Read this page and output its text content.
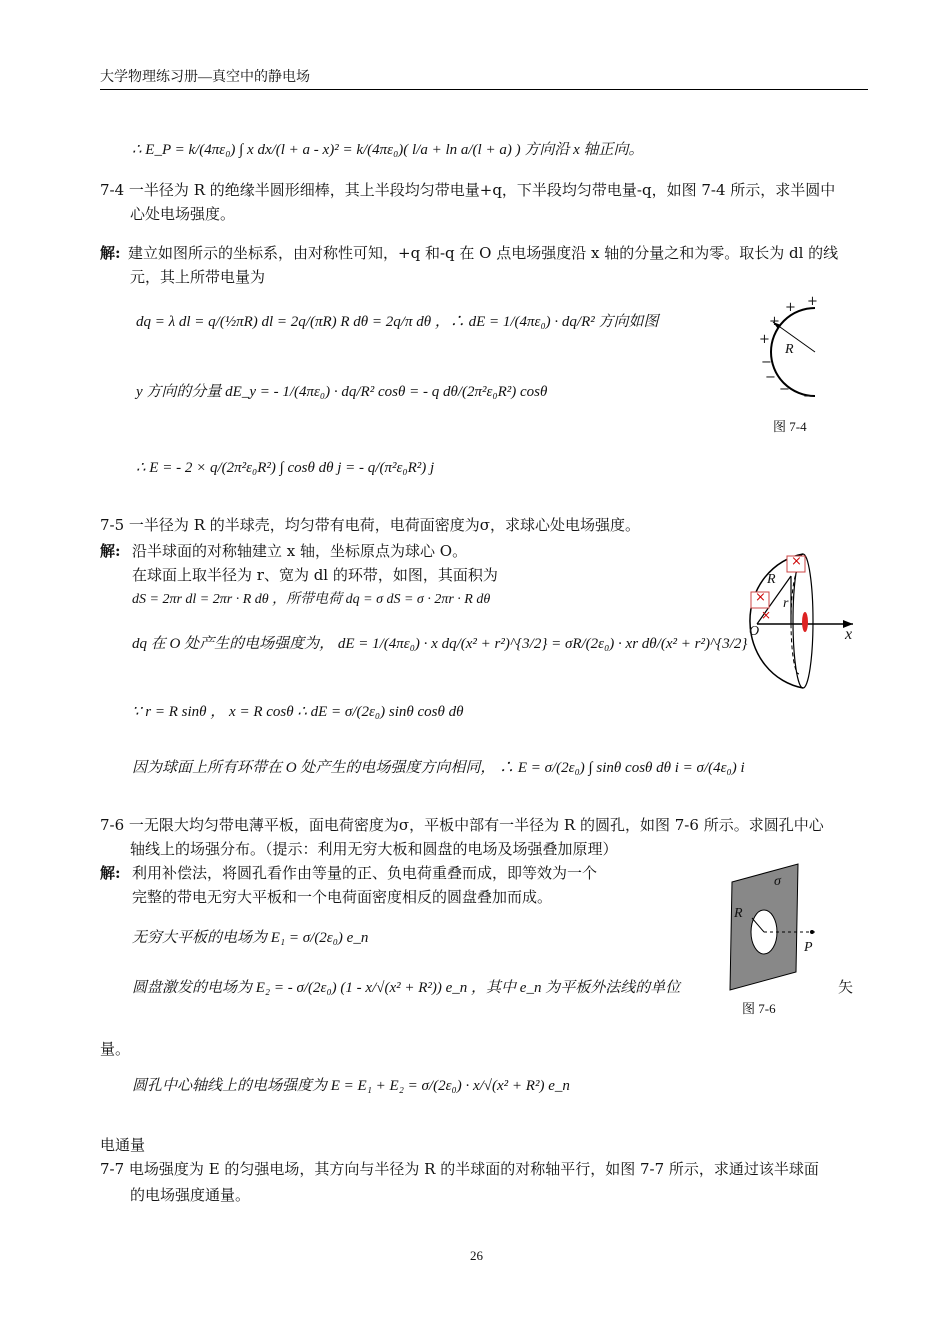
大学物理练习册—真空中的静电场
∴ E_P = k/(4πε₀) ∫ x dx/(l + a - x)² = k/(4πε₀)( l/a + ln a/(l + a) ) 方向沿 x 轴正向。
7-4 一半径为 R 的绝缘半圆形细棒，其上半段均匀带电量+q，下半段均匀带电量-q，如图 7-4 所示，求半圆中
心处电场强度。
解: 建立如图所示的坐标系，由对称性可知，+q 和-q 在 O 点电场强度沿 x 轴的分量之和为零。取长为 dl 的线
元，其上所带电量为
dq = λ dl = q/(½πR) dl = 2q/(πR) R dθ = 2q/π dθ ，∴ dE = 1/(4πε₀) · dq/R² 方向如图
y 方向的分量 dE_y = - 1/(4πε₀) · dq/R² cosθ = - q dθ/(2π²ε₀R²) cosθ
∴ E = - 2 × q/(2π²ε₀R²) ∫ cosθ dθ j = - q/(π²ε₀R²) j
R
+
+
+
+
−
−
− −
图 7-4
7-5 一半径为 R 的半球壳，均匀带有电荷，电荷面密度为σ，求球心处电场强度。
解: 沿半球面的对称轴建立 x 轴，坐标原点为球心 O。
在球面上取半径为 r、宽为 dl 的环带，如图，其面积为
dS = 2πr dl = 2πr · R dθ ，所带电荷 dq = σ dS = σ · 2πr · R dθ
dq 在 O 处产生的电场强度为， dE = 1/(4πε₀) · x dq/(x² + r²)^{3/2} = σR/(2ε₀) · xr dθ/(x² + r²)^{3/2}
∵ r = R sinθ ， x = R cosθ ∴ dE = σ/(2ε₀) sinθ cosθ dθ
因为球面上所有环带在 O 处产生的电场强度方向相同， ∴ E = σ/(2ε₀) ∫ sinθ cosθ dθ i = σ/(4ε₀) i
×
×
×
R
r
O	x
7-6 一无限大均匀带电薄平板，面电荷密度为σ，平板中部有一半径为 R 的圆孔，如图 7-6 所示。求圆孔中心
轴线上的场强分布。（提示：利用无穷大板和圆盘的电场及场强叠加原理）
解: 利用补偿法，将圆孔看作由等量的正、负电荷重叠而成，即等效为一个
完整的带电无穷大平板和一个电荷面密度相反的圆盘叠加而成。
无穷大平板的电场为 E₁ = σ/(2ε₀) e_n
圆盘激发的电场为 E₂ = - σ/(2ε₀) (1 - x/√(x² + R²)) e_n ，其中 e_n 为平板外法线的单位	矢
量。
圆孔中心轴线上的电场强度为 E = E₁ + E₂ = σ/(2ε₀) · x/√(x² + R²) e_n
σ
R
P
图 7-6
电通量
7-7 电场强度为 E 的匀强电场，其方向与半径为 R 的半球面的对称轴平行，如图 7-7 所示，求通过该半球面
的电场强度通量。
26
